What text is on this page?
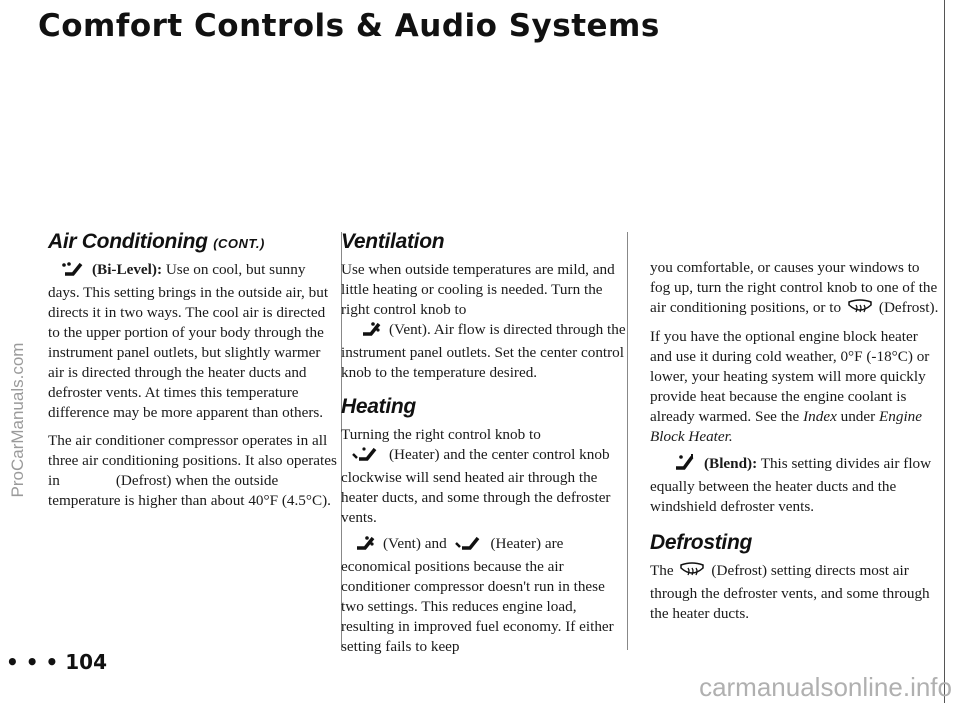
Comfort Controls & Audio Systems
Air Conditioning (CONT.)

(Bi-Level): Use on cool, but sunny days. This setting brings in the outside air, but directs it in two ways. The cool air is directed to the upper portion of your body through the instrument panel outlets, but slightly warmer air is directed through the heater ducts and defroster vents. At times this temperature difference may be more apparent than others.

The air conditioner compressor operates in all three air conditioning positions. It also operates in	(Defrost) when the outside temperature is higher than about 40°F (4.5°C).

Ventilation

Use when outside temperatures are mild, and little heating or cooling is needed. Turn the right control knob to
(Vent). Air flow is directed through the instrument panel outlets. Set the center control knob to the temperature desired.

Heating

Turning the right control knob to
(Heater) and the center control knob clockwise will send heated air through the heater ducts, and some through the defroster vents.

(Vent) and	(Heater) are economical positions because the air conditioner compressor doesn't run in these two settings. This reduces engine load, resulting in improved fuel economy. If either setting fails to keep

you comfortable, or causes your windows to fog up, turn the right control knob to one of the air conditioning positions, or to (Defrost).

If you have the optional engine block heater and use it during cold weather, 0°F (-18°C) or lower, your heating system will more quickly provide heat because the engine coolant is already warmed. See the Index under Engine Block Heater.

(Blend): This setting divides air flow equally between the heater ducts and the windshield defroster vents.

Defrosting

The (Defrost) setting directs most air through the defroster vents, and some through the heater ducts.

• • • 104
ProCarManuals.com
carmanualsonline.info
